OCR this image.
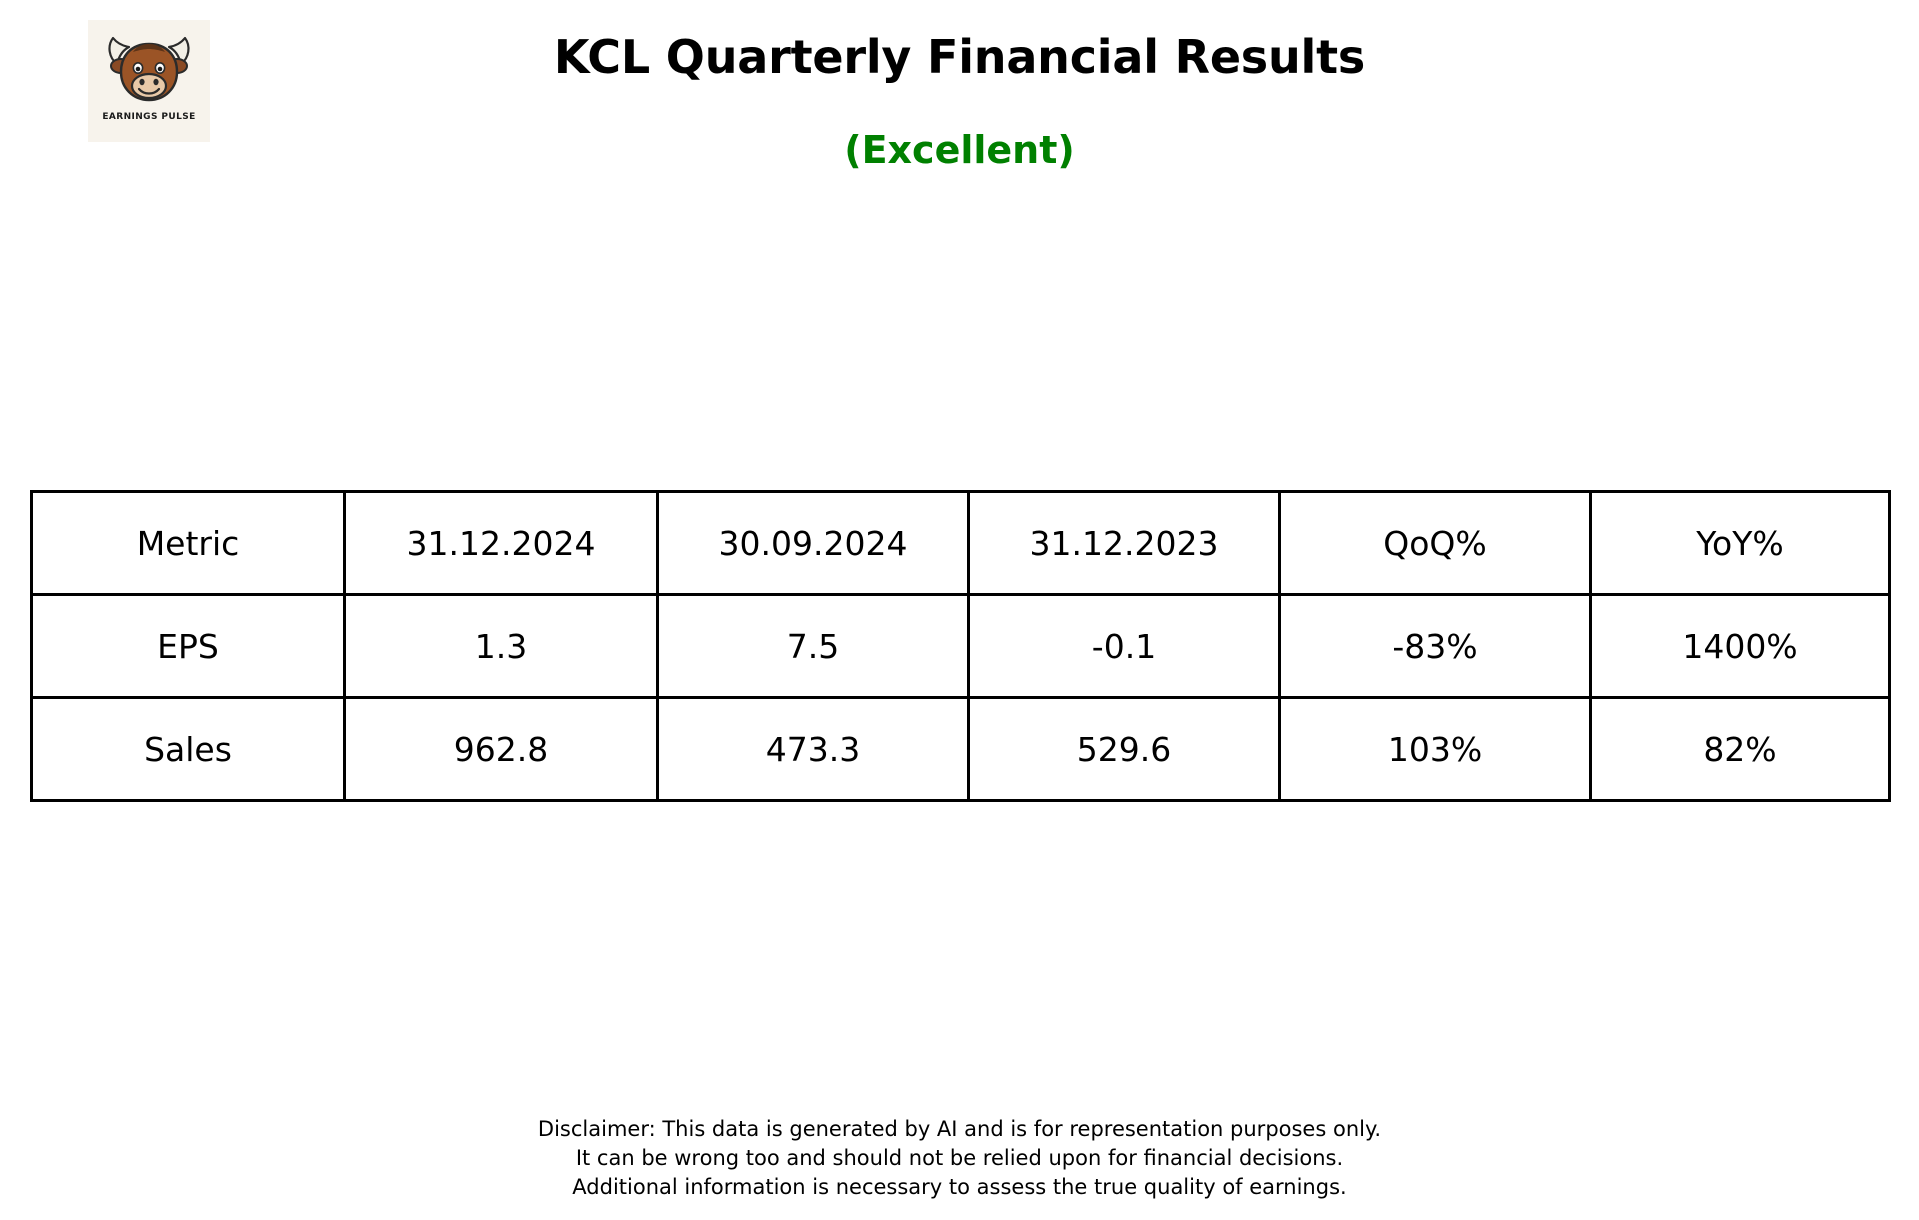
EARNINGS PULSE
KCL Quarterly Financial Results
(Excellent)
Metric	31.12.2024	30.09.2024	31.12.2023	QoQ%	YoY%
EPS	1.3	7.5	-0.1	-83%	1400%
Sales	962.8	473.3	529.6	103%	82%
Disclaimer: This data is generated by AI and is for representation purposes only.
It can be wrong too and should not be relied upon for financial decisions.
Additional information is necessary to assess the true quality of earnings.
